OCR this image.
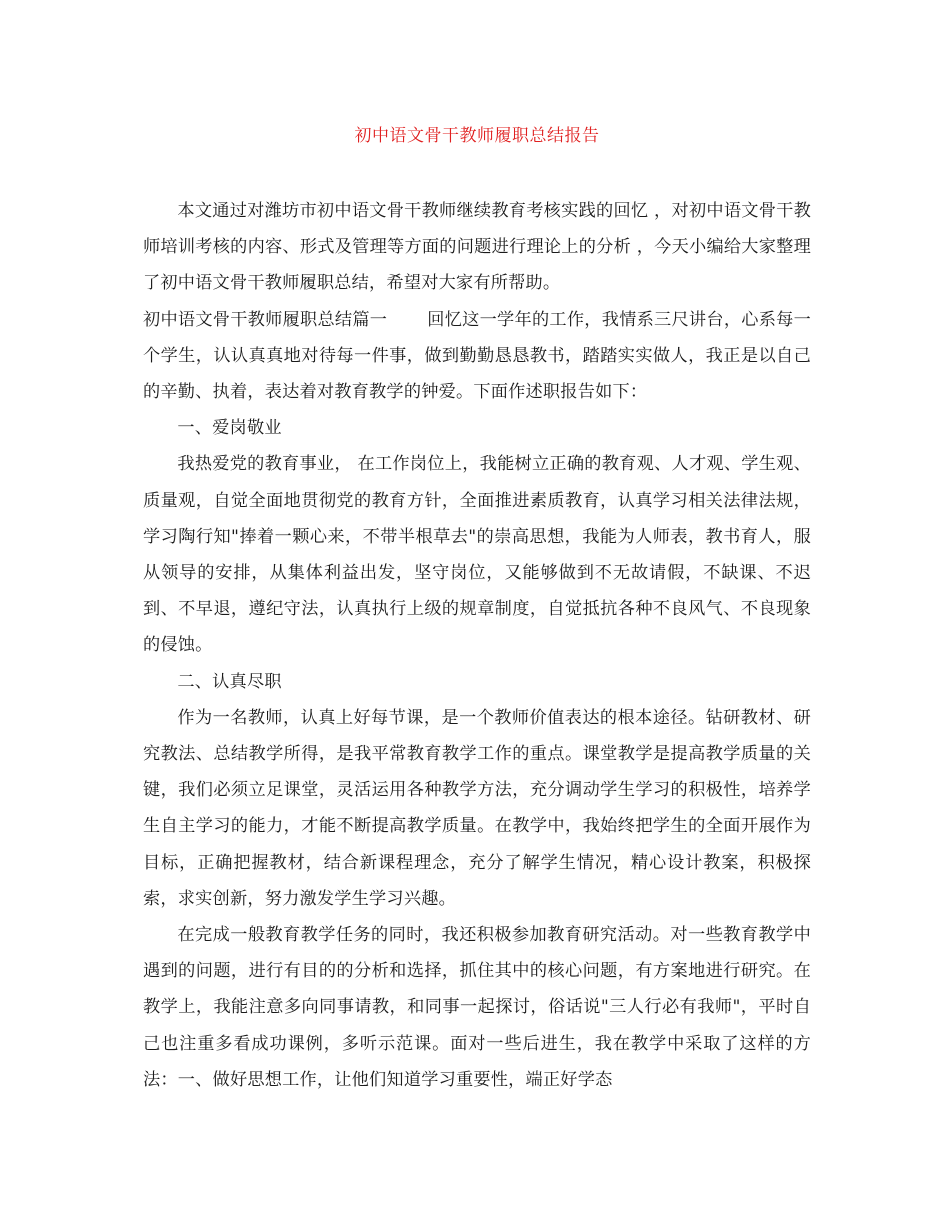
初中语文骨干教师履职总结报告

本文通过对潍坊市初中语文骨干教师继续教育考核实践的回忆 ，对初中语文骨干教师培训考核的内容、形式及管理等方面的问题进行理论上的分析 ，今天小编给大家整理了初中语文骨干教师履职总结，希望对大家有所帮助。

初中语文骨干教师履职总结篇一 回忆这一学年的工作，我情系三尺讲台，心系每一个学生，认认真真地对待每一件事，做到勤勤恳恳教书，踏踏实实做人，我正是以自己的辛勤、执着，表达着对教育教学的钟爱。下面作述职报告如下：

一、爱岗敬业

我热爱党的教育事业， 在工作岗位上，我能树立正确的教育观、人才观、学生观、质量观，自觉全面地贯彻党的教育方针，全面推进素质教育，认真学习相关法律法规，学习陶行知"捧着一颗心来，不带半根草去"的崇高思想，我能为人师表，教书育人，服从领导的安排，从集体利益出发，坚守岗位，又能够做到不无故请假，不缺课、不迟到、不早退，遵纪守法，认真执行上级的规章制度，自觉抵抗各种不良风气、不良现象的侵蚀。

二、认真尽职

作为一名教师，认真上好每节课，是一个教师价值表达的根本途径。钻研教材、研究教法、总结教学所得，是我平常教育教学工作的重点。课堂教学是提高教学质量的关键，我们必须立足课堂，灵活运用各种教学方法，充分调动学生学习的积极性，培养学生自主学习的能力，才能不断提高教学质量。在教学中，我始终把学生的全面开展作为目标，正确把握教材，结合新课程理念，充分了解学生情况，精心设计教案，积极探索，求实创新，努力激发学生学习兴趣。

在完成一般教育教学任务的同时，我还积极参加教育研究活动。对一些教育教学中遇到的问题，进行有目的的分析和选择，抓住其中的核心问题，有方案地进行研究。在教学上，我能注意多向同事请教，和同事一起探讨，俗话说"三人行必有我师"，平时自己也注重多看成功课例，多听示范课。面对一些后进生，我在教学中采取了这样的方法：一、做好思想工作，让他们知道学习重要性，端正好学态
